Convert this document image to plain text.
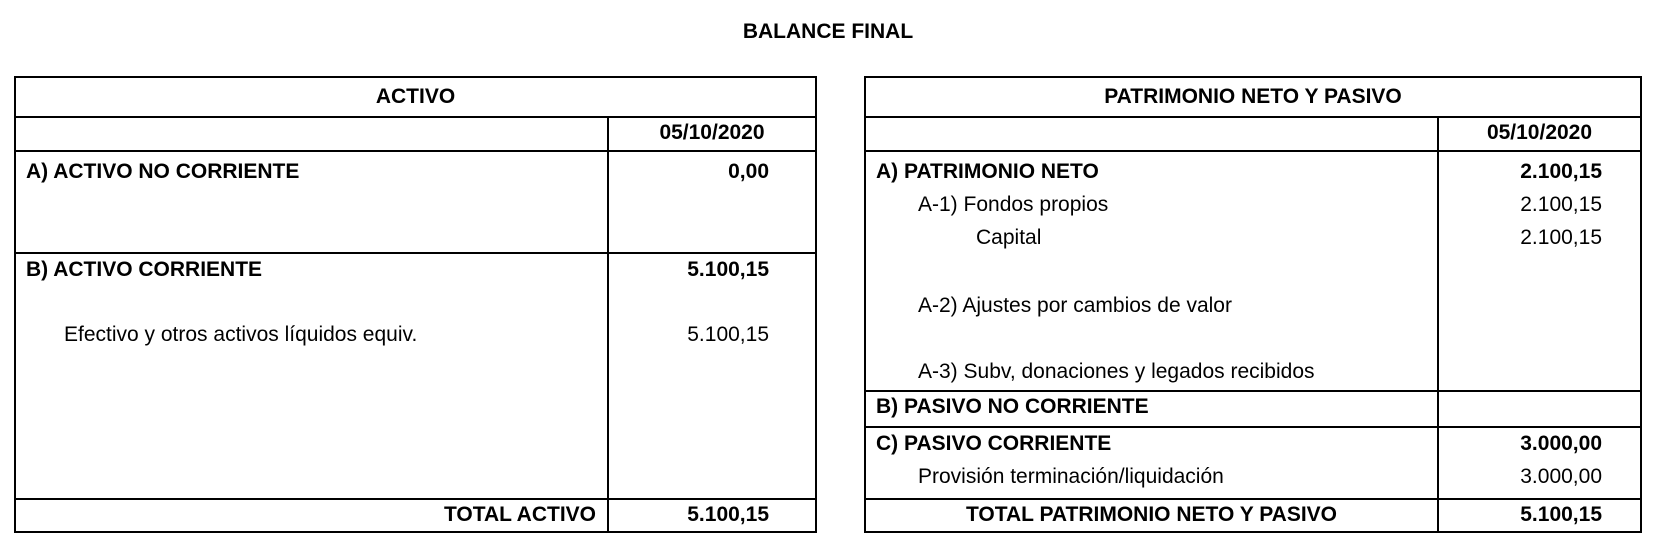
BALANCE FINAL
ACTIVO
05/10/2020
A) ACTIVO NO CORRIENTE	0,00
B) ACTIVO CORRIENTE	5.100,15
Efectivo y otros activos líquidos equiv.	5.100,15
TOTAL ACTIVO	5.100,15
PATRIMONIO NETO Y PASIVO
05/10/2020
A) PATRIMONIO NETO	2.100,15
A-1) Fondos propios	2.100,15
Capital	2.100,15
A-2) Ajustes por cambios de valor
A-3) Subv, donaciones y legados recibidos
B) PASIVO NO CORRIENTE
C) PASIVO CORRIENTE	3.000,00
Provisión terminación/liquidación	3.000,00
TOTAL PATRIMONIO NETO Y PASIVO	5.100,15
